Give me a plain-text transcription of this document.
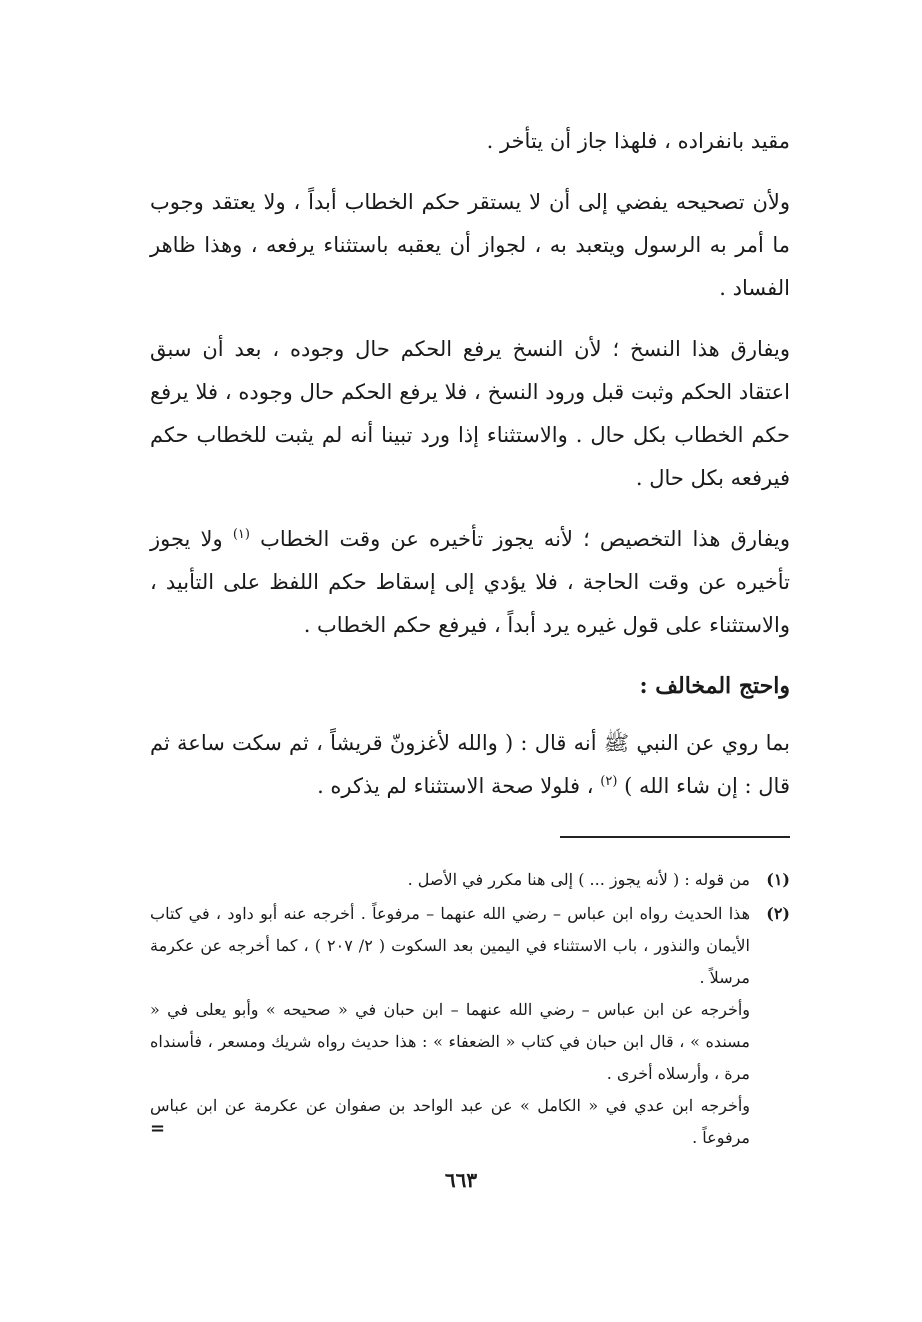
مقيد بانفراده ، فلهذا جاز أن يتأخر .

ولأن تصحيحه يفضي إلى أن لا يستقر حكم الخطاب أبداً ، ولا يعتقد وجوب ما أمر به الرسول ويتعبد به ، لجواز أن يعقبه باستثناء يرفعه ، وهذا ظاهر الفساد .

ويفارق هذا النسخ ؛ لأن النسخ يرفع الحكم حال وجوده ، بعد أن سبق اعتقاد الحكم وثبت قبل ورود النسخ ، فلا يرفع الحكم حال وجوده ، فلا يرفع حكم الخطاب بكل حال . والاستثناء إذا ورد تبينا أنه لم يثبت للخطاب حكم فيرفعه بكل حال .

ويفارق هذا التخصيص ؛ لأنه يجوز تأخيره عن وقت الخطاب $^{(١)}$ ولا يجوز تأخيره عن وقت الحاجة ، فلا يؤدي إلى إسقاط حكم اللفظ على التأبيد ، والاستثناء على قول غيره يرد أبداً ، فيرفع حكم الخطاب .

واحتج المخالف :

بما روي عن النبي ﷺ أنه قال : ( والله لأغزونّ قريشاً ، ثم سكت ساعة ثم قال : إن شاء الله ) $^{(٢)}$ ، فلولا صحة الاستثناء لم يذكره .

(١)

من قوله : ( لأنه يجوز ... ) إلى هنا مكرر في الأصل .

(٢)

هذا الحديث رواه ابن عباس – رضي الله عنهما – مرفوعاً . أخرجه عنه أبو داود ، في كتاب الأيمان والنذور ، باب الاستثناء في اليمين بعد السكوت ( ٢/ ٢٠٧ ) ، كما أخرجه عن عكرمة مرسلاً .

وأخرجه عن ابن عباس – رضي الله عنهما – ابن حبان في « صحيحه » وأبو يعلى في « مسنده » ، قال ابن حبان في كتاب « الضعفاء » : هذا حديث رواه شريك ومسعر ، فأسنداه مرة ، وأرسلاه أخرى .

وأخرجه ابن عدي في « الكامل » عن عبد الواحد بن صفوان عن عكرمة عن ابن عباس مرفوعاً .

=
٦٦٣
